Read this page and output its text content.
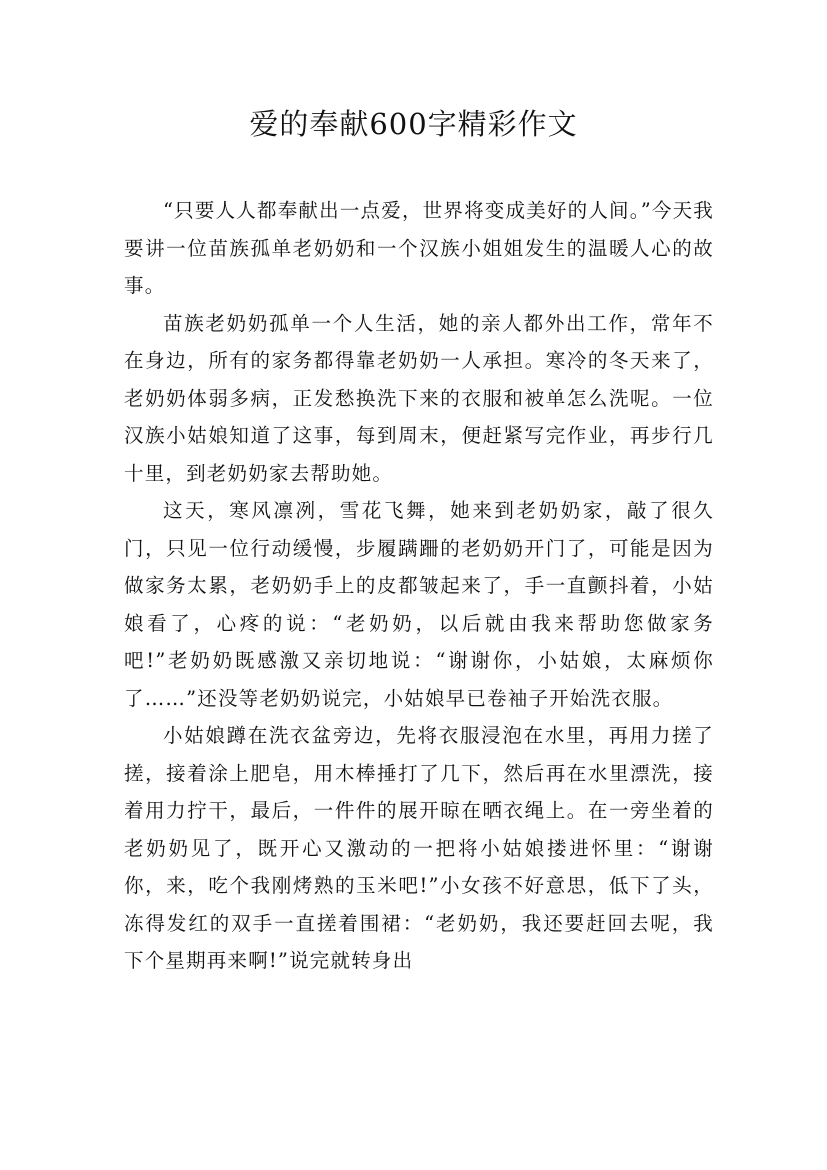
爱的奉献600字精彩作文

“只要人人都奉献出一点爱，世界将变成美好的人间。”今天我要讲一位苗族孤单老奶奶和一个汉族小姐姐发生的温暖人心的故事。

苗族老奶奶孤单一个人生活，她的亲人都外出工作，常年不在身边，所有的家务都得靠老奶奶一人承担。寒冷的冬天来了，老奶奶体弱多病，正发愁换洗下来的衣服和被单怎么洗呢。一位汉族小姑娘知道了这事，每到周末，便赶紧写完作业，再步行几十里，到老奶奶家去帮助她。

这天，寒风凛冽，雪花飞舞，她来到老奶奶家，敲了很久门，只见一位行动缓慢，步履蹒跚的老奶奶开门了，可能是因为做家务太累，老奶奶手上的皮都皱起来了，手一直颤抖着，小姑娘看了，心疼的说：“老奶奶，以后就由我来帮助您做家务吧!”老奶奶既感激又亲切地说：“谢谢你，小姑娘，太麻烦你了……”还没等老奶奶说完，小姑娘早已卷袖子开始洗衣服。

小姑娘蹲在洗衣盆旁边，先将衣服浸泡在水里，再用力搓了搓，接着涂上肥皂，用木棒捶打了几下，然后再在水里漂洗，接着用力拧干，最后，一件件的展开晾在晒衣绳上。在一旁坐着的老奶奶见了，既开心又激动的一把将小姑娘搂进怀里：“谢谢你，来，吃个我刚烤熟的玉米吧!”小女孩不好意思，低下了头，冻得发红的双手一直搓着围裙：“老奶奶，我还要赶回去呢，我下个星期再来啊!”说完就转身出
